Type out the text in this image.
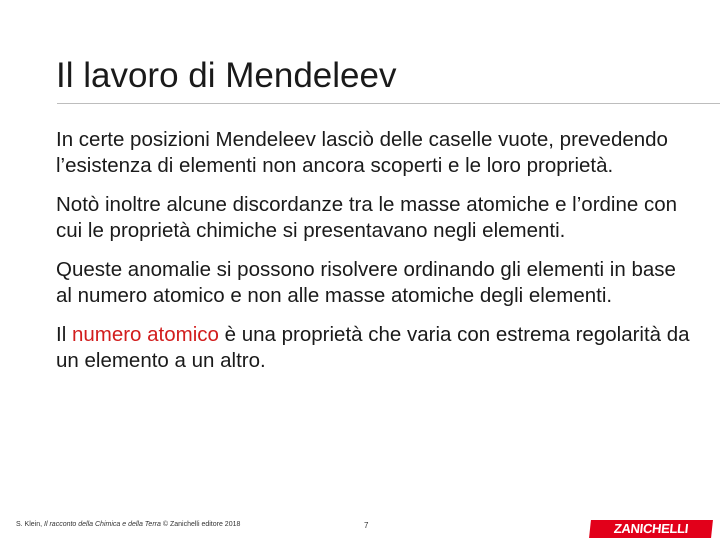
Il lavoro di Mendeleev

In certe posizioni Mendeleev lasciò delle caselle vuote, prevedendo l’esistenza di elementi non ancora scoperti e le loro proprietà.

Notò inoltre alcune discordanze tra le masse atomiche e l’ordine con cui le proprietà chimiche si presentavano negli elementi.

Queste anomalie si possono risolvere ordinando gli elementi in base al numero atomico e non alle masse atomiche degli elementi.

Il numero atomico è una proprietà che varia con estrema regolarità da un elemento a un altro.

S. Klein, Il racconto della Chimica e della Terra © Zanichelli editore 2018	7	ZANICHELLI
